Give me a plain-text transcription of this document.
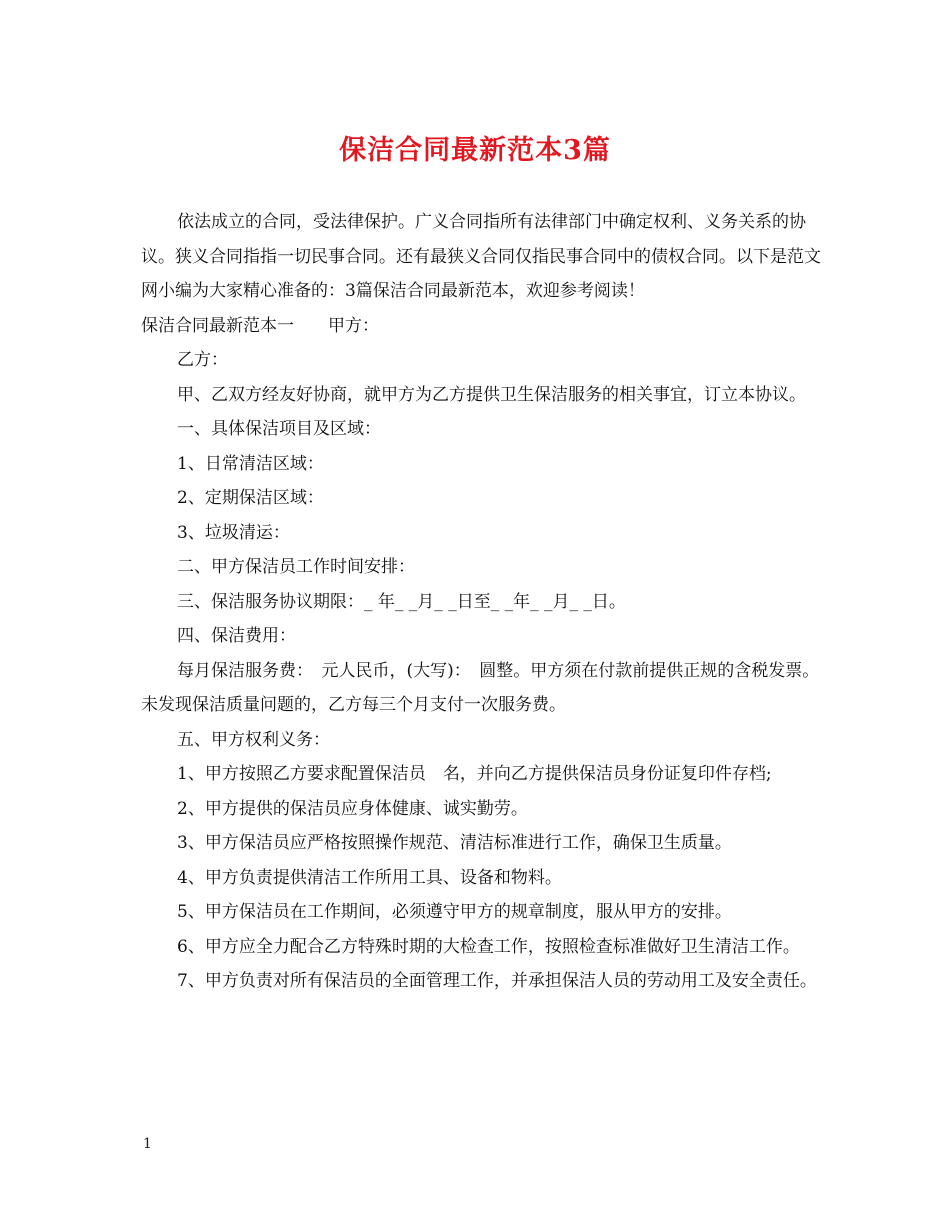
保洁合同最新范本3篇

依法成立的合同，受法律保护。广义合同指所有法律部门中确定权利、义务关系的协议。狭义合同指指一切民事合同。还有最狭义合同仅指民事合同中的债权合同。以下是范文网小编为大家精心准备的：3篇保洁合同最新范本，欢迎参考阅读！

保洁合同最新范本一　　甲方：

乙方：

甲、乙双方经友好协商，就甲方为乙方提供卫生保洁服务的相关事宜，订立本协议。

一、具体保洁项目及区域：

1、日常清洁区域：

2、定期保洁区域：

3、垃圾清运：

二、甲方保洁员工作时间安排：

三、保洁服务协议期限：_ 年_ _月_ _日至_ _年_ _月_ _日。

四、保洁费用：

每月保洁服务费：　元人民币，(大写)：　圆整。甲方须在付款前提供正规的含税发票。未发现保洁质量问题的，乙方每三个月支付一次服务费。

五、甲方权利义务：

1、甲方按照乙方要求配置保洁员　名，并向乙方提供保洁员身份证复印件存档;

2、甲方提供的保洁员应身体健康、诚实勤劳。

3、甲方保洁员应严格按照操作规范、清洁标准进行工作，确保卫生质量。

4、甲方负责提供清洁工作所用工具、设备和物料。

5、甲方保洁员在工作期间，必须遵守甲方的规章制度，服从甲方的安排。

6、甲方应全力配合乙方特殊时期的大检查工作，按照检查标准做好卫生清洁工作。

7、甲方负责对所有保洁员的全面管理工作，并承担保洁人员的劳动用工及安全责任。

1
